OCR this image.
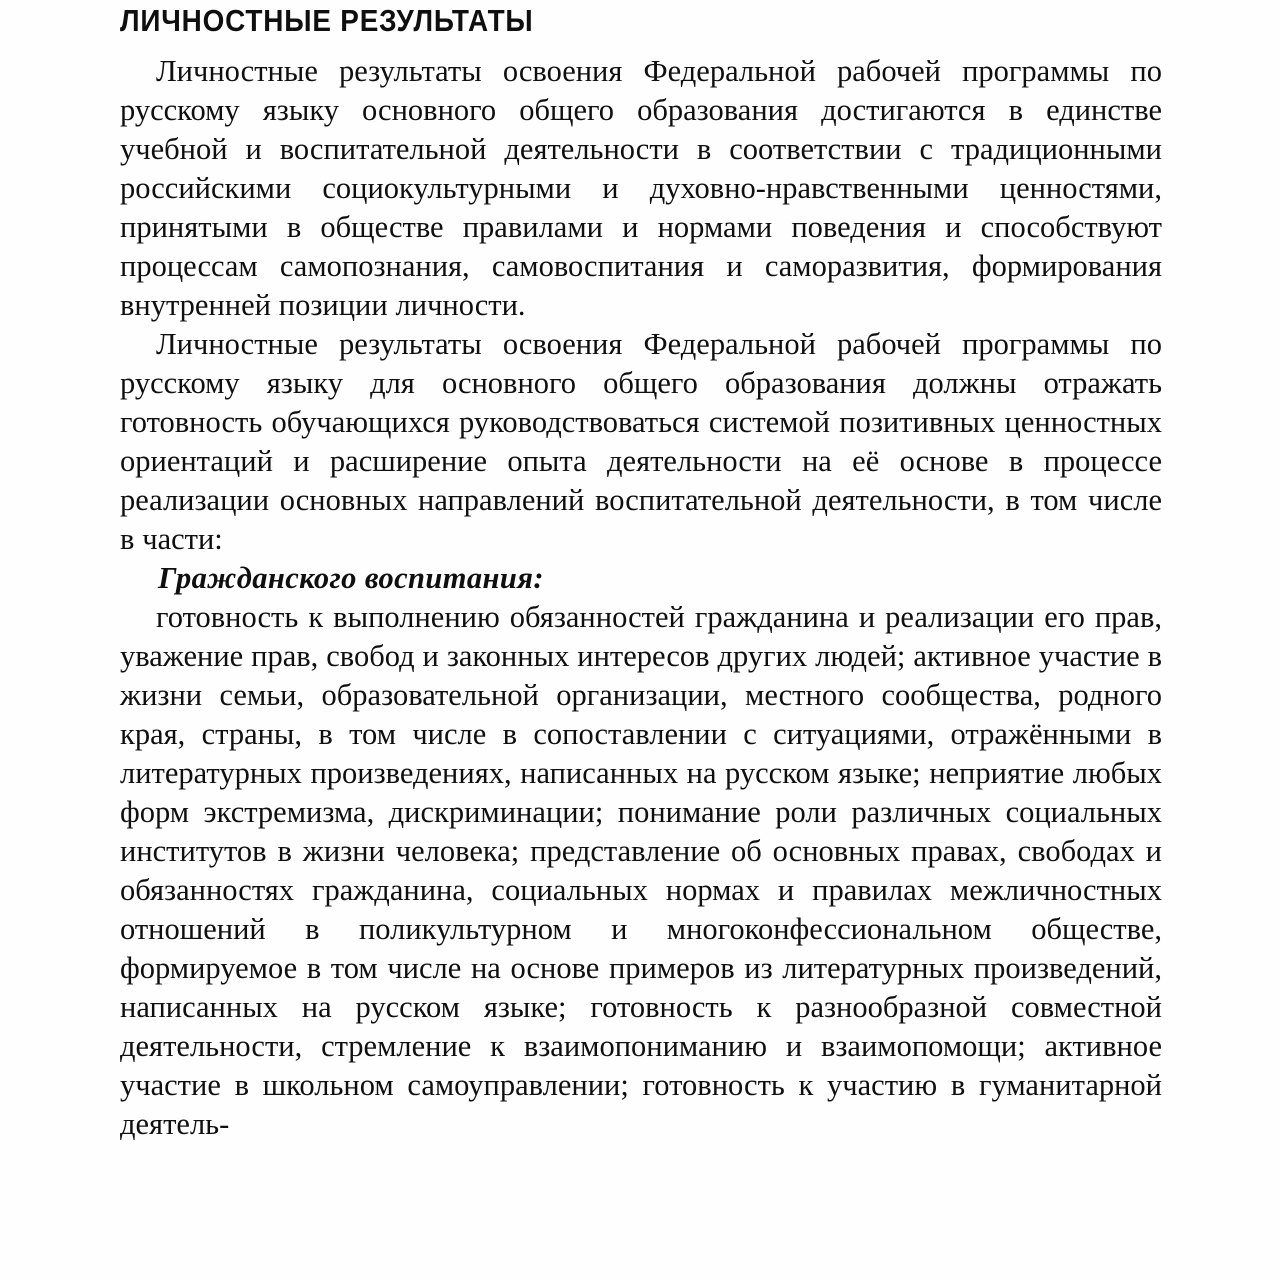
ЛИЧНОСТНЫЕ РЕЗУЛЬТАТЫ

Личностные результаты освоения Федеральной рабочей программы по русскому языку основного общего образования достигаются в единстве учебной и воспитательной деятельности в соответствии с традиционными российскими социокультурными и духовно-нравственными ценностями, принятыми в обществе правилами и нормами поведения и способствуют процессам самопознания, самовоспитания и саморазвития, формирования внутренней позиции личности.

Личностные результаты освоения Федеральной рабочей программы по русскому языку для основного общего образования должны отражать готовность обучающихся руководствоваться системой позитивных ценностных ориентаций и расширение опыта деятельности на её основе в процессе реализации основных направлений воспитательной деятельности, в том числе в части:

Гражданского воспитания:

готовность к выполнению обязанностей гражданина и реализации его прав, уважение прав, свобод и законных интересов других людей; активное участие в жизни семьи, образовательной организации, местного сообщества, родного края, страны, в том числе в сопоставлении с ситуациями, отражёнными в литературных произведениях, написанных на русском языке; неприятие любых форм экстремизма, дискриминации; понимание роли различных социальных институтов в жизни человека; представление об основных правах, свободах и обязанностях гражданина, социальных нормах и правилах межличностных отношений в поликультурном и многоконфессиональном обществе, формируемое в том числе на основе примеров из литературных произведений, написанных на русском языке; готовность к разнообразной совместной деятельности, стремление к взаимопониманию и взаимопомощи; активное участие в школьном самоуправлении; готовность к участию в гуманитарной деятель-
